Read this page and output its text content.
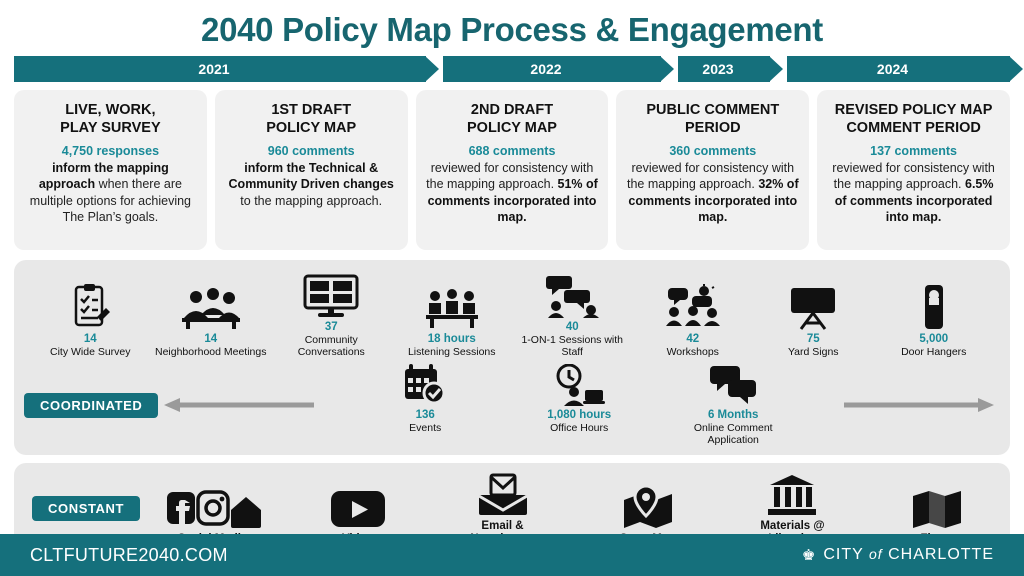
2040 Policy Map Process & Engagement
2021	2022	2023	2024
LIVE, WORK,
PLAY SURVEY
4,750 responses
inform the mapping approach when there are multiple options for achieving The Plan’s goals.
1ST DRAFT
POLICY MAP
960 comments
inform the Technical & Community Driven changes to the mapping approach.
2ND DRAFT
POLICY MAP
688 comments
reviewed for consistency with the mapping approach. 51% of comments incorporated into map.
PUBLIC COMMENT
PERIOD
360 comments
reviewed for consistency with the mapping approach. 32% of comments incorporated into map.
REVISED POLICY MAP
COMMENT PERIOD
137 comments
reviewed for consistency with the mapping approach. 6.5% of comments incorporated into map.
14
City Wide Survey
14
Neighborhood Meetings
37
Community Conversations
18 hours
Listening Sessions
40
1-ON-1 Sessions with Staff
42
Workshops
75
Yard Signs
5,000
Door Hangers
COORDINATED
136
Events
1,080 hours
Office Hours
6 Months
Online Comment Application
CONSTANT
Email &	Materials @

CLTFUTURE2040.COM	♚ CITY of CHARLOTTE
